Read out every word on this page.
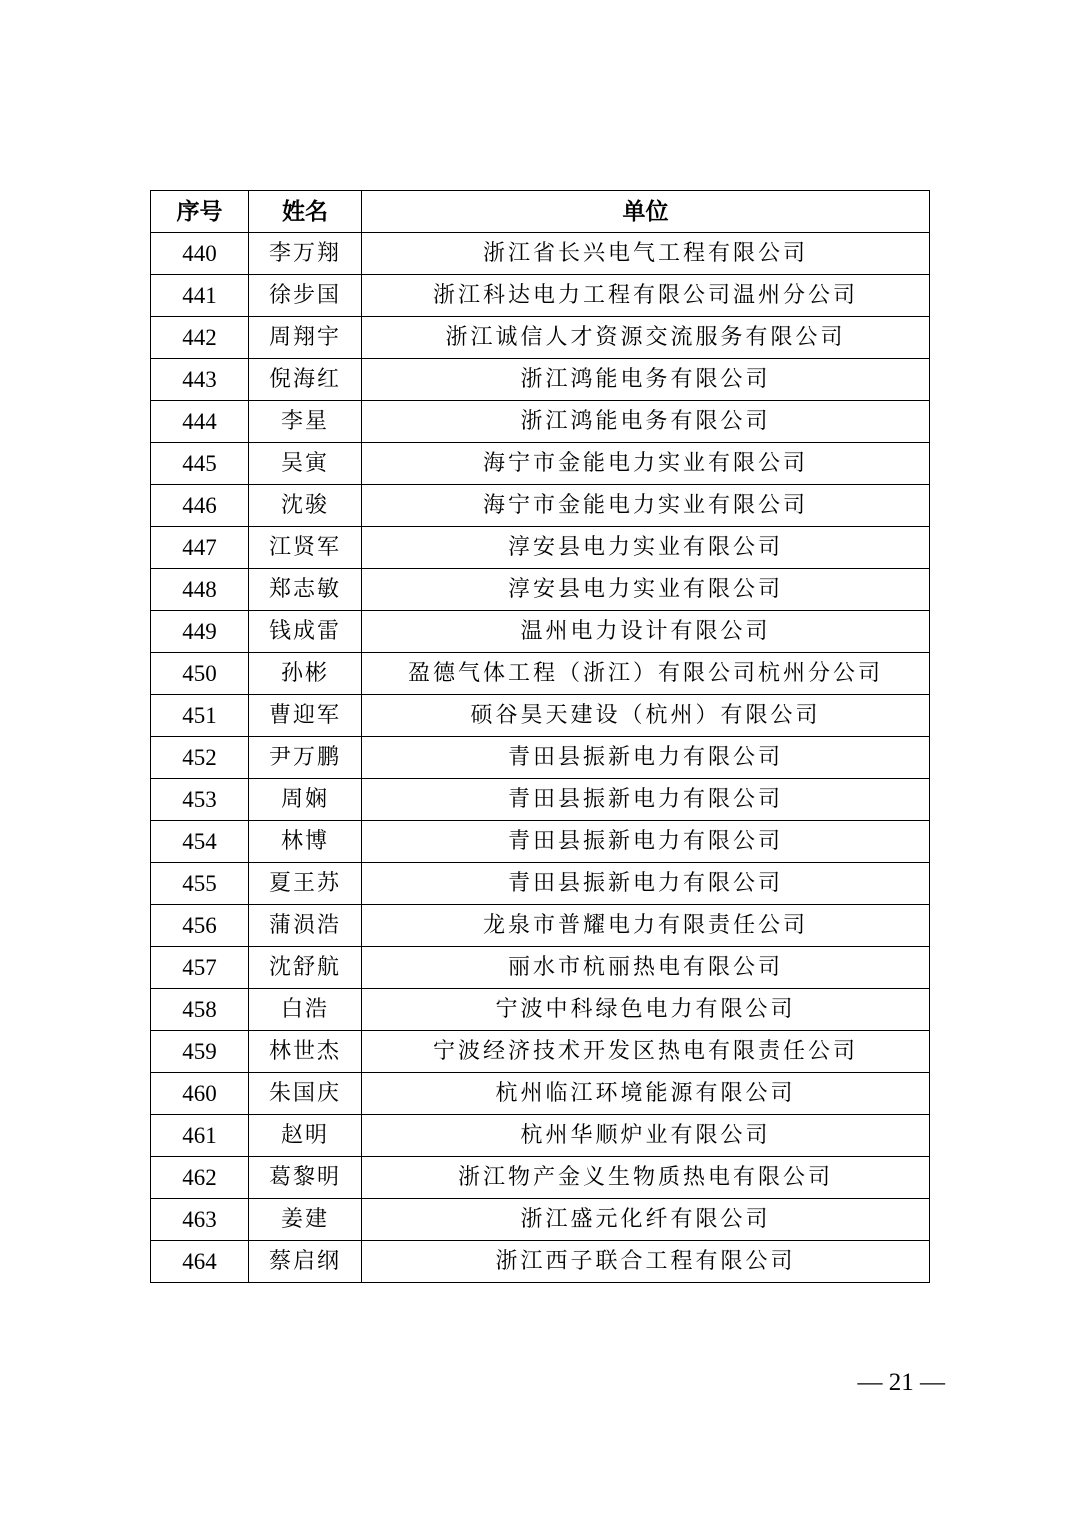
序号	姓名	单位
440	李万翔	浙江省长兴电气工程有限公司
441	徐步国	浙江科达电力工程有限公司温州分公司
442	周翔宇	浙江诚信人才资源交流服务有限公司
443	倪海红	浙江鸿能电务有限公司
444	李星	浙江鸿能电务有限公司
445	吴寅	海宁市金能电力实业有限公司
446	沈骏	海宁市金能电力实业有限公司
447	江贤军	淳安县电力实业有限公司
448	郑志敏	淳安县电力实业有限公司
449	钱成雷	温州电力设计有限公司
450	孙彬	盈德气体工程（浙江）有限公司杭州分公司
451	曹迎军	硕谷昊天建设（杭州）有限公司
452	尹万鹏	青田县振新电力有限公司
453	周娴	青田县振新电力有限公司
454	林博	青田县振新电力有限公司
455	夏王苏	青田县振新电力有限公司
456	蒲涢浩	龙泉市普耀电力有限责任公司
457	沈舒航	丽水市杭丽热电有限公司
458	白浩	宁波中科绿色电力有限公司
459	林世杰	宁波经济技术开发区热电有限责任公司
460	朱国庆	杭州临江环境能源有限公司
461	赵明	杭州华顺炉业有限公司
462	葛黎明	浙江物产金义生物质热电有限公司
463	姜建	浙江盛元化纤有限公司
464	蔡启纲	浙江西子联合工程有限公司
— 21 —
